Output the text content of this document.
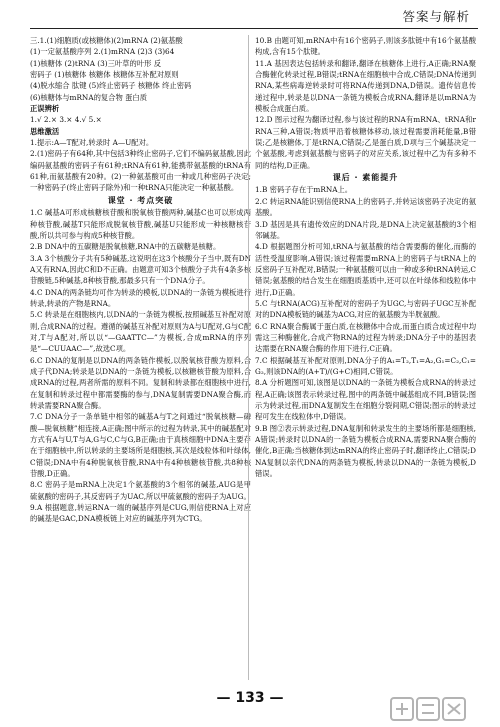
答案与解析

三.1.(1)细胞质(或核糖体)(2)mRNA (2)氨基酸

(1)一定氨基酸序列 2.(1)mRNA (2)3 (3)64

(1)核糖体 (2)tRNA (3)三叶草的叶形 反

密码子 (1)核糖体 核糖体 核糖体互补配对原则

(4)脱水缩合 肽键 (5)终止密码子 核糖体 终止密码

(6)核糖体与mRNA的复合物 蛋白质

正误辨析

1.√ 2.× 3.× 4.√ 5.×

思维激活

1.提示:A—T配对,转录时 A—U配对。

2.(1)密码子有64种,其中包括3种终止密码子,它们不编码氨基酸,因此编码氨基酸的密码子有61种;tRNA有61种,能携带氨基酸的tRNA有61种,而氨基酸有20种。(2)一种氨基酸可由一种或几种密码子决定;一种密码子(终止密码子除外)和一种tRNA只能决定一种氨基酸。

课堂 · 考点突破

1.C 碱基A可形成核糖核苷酸和脱氧核苷酸两种,碱基C也可以形成两种核苷酸,碱基T只能形成脱氧核苷酸,碱基U只能形成一种核糖核苷酸,所以共可参与构成5种核苷酸。

2.B DNA中的五碳糖是脱氧核糖,RNA中的五碳糖是核糖。

3.A 3个核酸分子共有5种碱基,这说明在这3个核酸分子当中,既有DNA又有RNA,因此C和D不正确。由题意可知3个核酸分子共有4条多核苷酸链,5种碱基,8种核苷酸,那最多只有一个DNA分子。

4.C DNA的两条链均可作为转录的模板,以DNA的一条链为模板进行转录,转录的产物是RNA。

5.C 转录是在细胞核内,以DNA的一条链为模板,按照碱基互补配对原则,合成RNA的过程。遵循的碱基互补配对原则为A与U配对,G与C配对,T与A配对,所以以“—GAATTC—”为模板,合成mRNA的序列是“—CUUAAC—”,故选C项。

6.C DNA的复制是以DNA的两条链作模板,以脱氧核苷酸为原料,合成子代DNA;转录是以DNA的一条链为模板,以核糖核苷酸为原料,合成RNA的过程,两者所需的原料不同。复制和转录都在细胞核中进行,在复制和转录过程中都需要酶的参与,DNA复制需要DNA聚合酶,而转录需要RNA聚合酶。

7.C DNA分子一条单链中相邻的碱基A与T之间通过“脱氧核糖—磷酸—脱氧核糖”相连接,A正确;图中所示的过程为转录,其中的碱基配对方式有A与U,T与A,G与C,C与G,B正确;由于真核细胞中DNA主要存在于细胞核中,所以转录的主要场所是细胞核,其次是线粒体和叶绿体,C错误;DNA中有4种脱氧核苷酸,RNA中有4种核糖核苷酸,共8种核苷酸,D正确。

8.C 密码子是mRNA上决定1个氨基酸的3个相邻的碱基,AUG是甲硫氨酸的密码子,其反密码子为UAC,所以甲硫氨酸的密码子为AUG。

9.A 根据题意,转运RNA一端的碱基序列是CUG,则信使RNA上对应的碱基是GAC,DNA模板链上对应的碱基序列为CTG。

10.B 由题可知,mRNA中有16个密码子,则该多肽链中有16个氨基酸构成,含有15个肽键。

11.A 基因表达包括转录和翻译,翻译在核糖体上进行,A正确;RNA聚合酶催化转录过程,B错误;tRNA在细胞核中合成,C错误;DNA传递到RNA,某些病毒逆转录时可将RNA传递到DNA,D错误。遗传信息传递过程中,转录是以DNA一条链为模板合成RNA,翻译是以mRNA为模板合成蛋白质。

12.D 图示过程为翻译过程,参与该过程的RNA有mRNA、tRNA和rRNA三种,A错误;物质甲沿着核糖体移动,该过程需要消耗能量,B错误;乙是核糖体,丁是tRNA,C错误;乙是蛋白质,D项与三个碱基决定一个氨基酸,考虑到氨基酸与密码子的对应关系,该过程中乙为有多种不同的结构,D正确。

课后 · 素能提升

1.B 密码子存在于mRNA上。

2.C 转运RNA能识别信使RNA上的密码子,并转运该密码子决定的氨基酸。

3.D 基因是具有遗传效应的DNA片段,是DNA上决定氨基酸的3个相邻碱基。

4.D 根据题图分析可知,tRNA与氨基酸的结合需要酶的催化,而酶的活性受温度影响,A错误;该过程需要mRNA上的密码子与tRNA上的反密码子互补配对,B错误;一种氨基酸可以由一种或多种tRNA转运,C错误;氨基酸的结合发生在细胞质基质中,还可以在叶绿体和线粒体中进行,D正确。

5.C 与tRNA(ACG)互补配对的密码子为UGC,与密码子UGC互补配对的DNA模板链的碱基为ACG,对应的氨基酸为半胱氨酸。

6.C RNA聚合酶属于蛋白质,在核糖体中合成,而蛋白质合成过程中均需这三种酶催化,合成产物RNA的过程为转录;DNA分子中的基因表达需要在RNA聚合酶的作用下进行,C正确。

7.C 根据碱基互补配对原则,DNA分子的A₁=T₂,T₁=A₂,G₁=C₂,C₁=G₂,则该DNA的(A+T)/(G+C)相同,C错误。

8.A 分析题图可知,该图是以DNA的一条链为模板合成RNA的转录过程,A正确;该图表示转录过程,图中的两条链中碱基组成不同,B错误;图示为转录过程,而DNA复制发生在细胞分裂间期,C错误;图示的转录过程可发生在线粒体中,D错误。

9.B 图②表示转录过程,DNA复制和转录发生的主要场所都是细胞核,A错误;转录时以DNA的一条链为模板合成RNA,需要RNA聚合酶的催化,B正确;当核糖体到达mRNA的终止密码子时,翻译终止,C错误;DNA复制以亲代DNA的两条链为模板,转录以DNA的一条链为模板,D错误。

— 133 —
